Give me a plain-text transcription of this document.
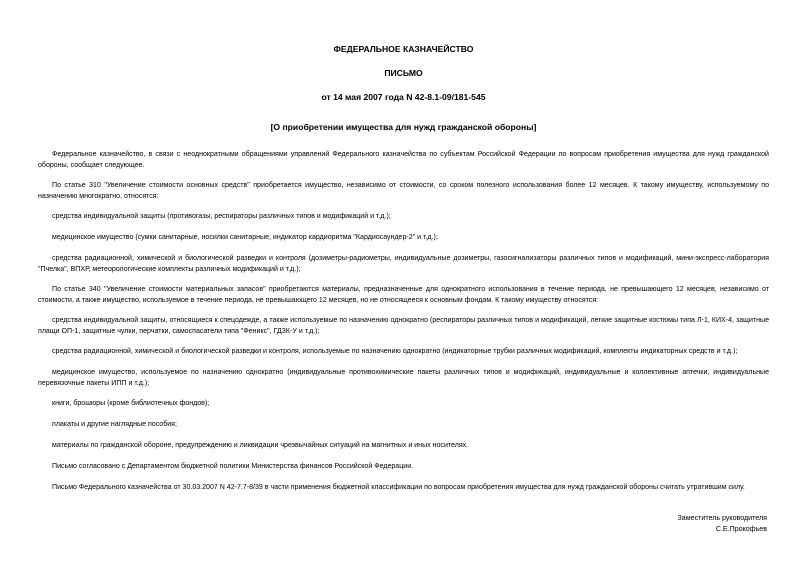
ФЕДЕРАЛЬНОЕ КАЗНАЧЕЙСТВО
ПИСЬМО
от 14 мая 2007 года N 42-8.1-09/181-545
[О приобретении имущества для нужд гражданской обороны]
Федеральное казначейство, в связи с неоднократными обращениями управлений Федерального казначейства по субъектам Российской Федерации по вопросам приобретения имущества для нужд гражданской обороны, сообщает следующее.
По статье 310 "Увеличение стоимости основных средств" приобретается имущество, независимо от стоимости, со сроком полезного использования более 12 месяцев. К такому имуществу, используемому по назначению многократно, относятся:
средства индивидуальной защиты (противогазы, респираторы различных типов и модификаций и т.д.);
медицинское имущество (сумки санитарные, носилки санитарные, индикатор кардиоритма "Кардиосаундер-2" и т.д.);
средства радиационной, химической и биологической разведки и контроля (дозиметры-радиометры, индивидуальные дозиметры, газосигнализаторы различных типов и модификаций, мини-экспресс-лаборатория "Пчелка", ВПХР, метеорологические комплекты различных модификаций и т.д.);
По статье 340 "Увеличение стоимости материальных запасов" приобретаются материалы, предназначенные для однократного использования в течение периода, не превышающего 12 месяцев, независимо от стоимости, а также имущество, используемое в течение периода, не превышающего 12 месяцев, но не относящееся к основным фондам. К такому имуществу относятся:
средства индивидуальной защиты, относящиеся к спецодежде, а также используемые по назначению однократно (респираторы различных типов и модификаций, легкие защитные костюмы типа Л-1, КИХ-4, защитные плащи ОП-1, защитные чулки, перчатки, самоспасатели типа "Феникс", ГДЗК-У и т.д.);
средства радиационной, химической и биологической разведки и контроля, используемые по назначению однократно (индикаторные трубки различных модификаций, комплекты индикаторных средств и т.д.);
медицинское имущество, используемое по назначению однократно (индивидуальные противохимические пакеты различных типов и модификаций, индивидуальные и коллективные аптечки, индивидуальные перевязочные пакеты ИПП и т.д.);
книги, брошюры (кроме библиотечных фондов);
плакаты и другие наглядные пособия;
материалы по гражданской обороне, предупреждению и ликвидации чрезвычайных ситуаций на магнитных и иных носителях.
Письмо согласовано с Департаментом бюджетной политики Министерства финансов Российской Федерации.
Письмо Федерального казначейства от 30.03.2007 N 42-7.7-8/39 в части применения бюджетной классификации по вопросам приобретения имущества для нужд гражданской обороны считать утратившим силу.
Заместитель руководителя
С.Е.Прокофьев
